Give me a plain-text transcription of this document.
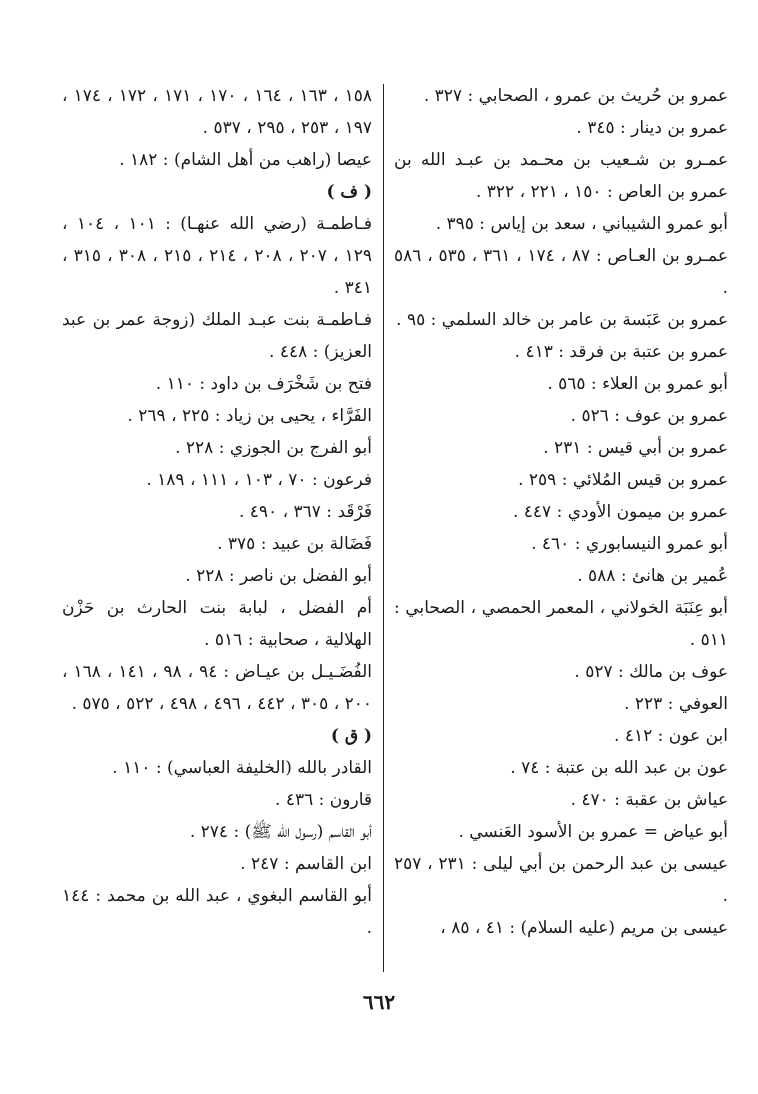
عمرو بن حُريث بن عمرو ، الصحابي : ٣٢٧ .

عمرو بن دينار : ٣٤٥ .

عمـرو بن شـعيب بن محـمد بن عبـد الله بن عمرو بن العاص : ١٥٠ ، ٢٢١ ، ٣٢٢ .

أبو عمرو الشيباني ، سعد بن إياس : ٣٩٥ .

عمـرو بن العـاص : ٨٧ ، ١٧٤ ، ٣٦١ ، ٥٣٥ ، ٥٨٦ .

عمرو بن عَبَسة بن عامر بن خالد السلمي : ٩٥ .

عمرو بن عتبة بن فرقد : ٤١٣ .

أبو عمرو بن العلاء : ٥٦٥ .

عمرو بن عوف : ٥٢٦ .

عمرو بن أبي قيس : ٢٣١ .

عمرو بن قيس المُلائي : ٢٥٩ .

عمرو بن ميمون الأودي : ٤٤٧ .

أبو عمرو النيسابوري : ٤٦٠ .

عُمير بن هانئ : ٥٨٨ .

أبو عِنَبَة الخولاني ، المعمر الحمصي ، الصحابي : ٥١١ .

عوف بن مالك : ٥٢٧ .

العوفي : ٢٢٣ .

ابن عون : ٤١٢ .

عون بن عبد الله بن عتبة : ٧٤ .

عياش بن عقبة : ٤٧٠ .

أبو عياض = عمرو بن الأسود العَنسي .

عيسى بن عبد الرحمن بن أبي ليلى : ٢٣١ ، ٢٥٧ .

عيسى بن مريم (عليه السلام) : ٤١ ، ٨٥ ،

١٥٨ ، ١٦٣ ، ١٦٤ ، ١٧٠ ، ١٧١ ، ١٧٢ ، ١٧٤ ، ١٩٧ ، ٢٥٣ ، ٢٩٥ ، ٥٣٧ .

عيصا (راهب من أهل الشام) : ١٨٢ .

( ف )

فـاطمـة (رضي الله عنهـا) : ١٠١ ، ١٠٤ ، ١٢٩ ، ٢٠٧ ، ٢٠٨ ، ٢١٤ ، ٢١٥ ، ٣٠٨ ، ٣١٥ ، ٣٤١ .

فـاطمـة بنت عبـد الملك (زوجة عمر بن عبد العزيز) : ٤٤٨ .

فتح بن شَخْرَف بن داود : ١١٠ .

الفَرَّاء ، يحيى بن زياد : ٢٢٥ ، ٢٦٩ .

أبو الفرج بن الجوزي : ٢٢٨ .

فرعون : ٧٠ ، ١٠٣ ، ١١١ ، ١٨٩ .

فَرْقَد : ٣٦٧ ، ٤٩٠ .

فَضَالة بن عبيد : ٣٧٥ .

أبو الفضل بن ناصر : ٢٢٨ .

أم الفضل ، لبابة بنت الحارث بن حَزْن الهلالية ، صحابية : ٥١٦ .

الفُضَـيـل بن عيـاض : ٩٤ ، ٩٨ ، ١٤١ ، ١٦٨ ، ٢٠٠ ، ٣٠٥ ، ٤٤٢ ، ٤٩٦ ، ٤٩٨ ، ٥٢٢ ، ٥٧٥ .

( ق )

القادر بالله (الخليفة العباسي) : ١١٠ .

قارون : ٤٣٦ .

أبو القاسم (رسول الله ﷺ) : ٢٧٤ .

ابن القاسم : ٢٤٧ .

أبو القاسم البغوي ، عبد الله بن محمد : ١٤٤ .

٦٦٢
